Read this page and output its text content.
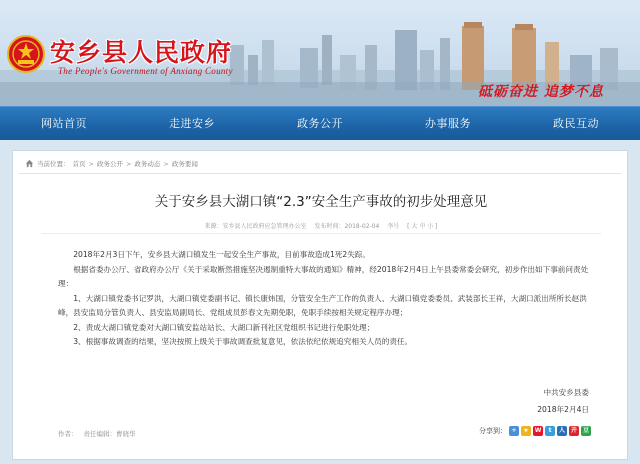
安乡县人民政府
The People's Government of Anxiang County
砥砺奋进 追梦不息
网站首页	走进安乡	政务公开	办事服务	政民互动
当前位置： 首页 > 政务公开 > 政务动态 > 政务要闻
关于安乡县大湖口镇“2.3”安全生产事故的初步处理意见
来源：安乡县人民政府应急管理办公室 发布时间：2018-02-04 李号 [ 大 中 小 ]

2018年2月3日下午，安乡县大湖口镇发生一起安全生产事故，目前事故造成1死2失踪。

根据省委办公厅、省政府办公厅《关于采取断然措施坚决遏制重特大事故的通知》精神，经2018年2月4日上午县委常委会研究，初步作出如下事前问责处理：

1、大湖口镇党委书记罗洪，大湖口镇党委副书记、镇长康炜国，分管安全生产工作的负责人、大湖口镇党委委员、武装部长王祥，大湖口派出所所长赵洪峰，县安监局分管负责人、县安监局副局长、党组成员彭春文先期免职，免职手续按相关规定程序办理；

2、责成大湖口镇党委对大湖口镇安监站站长、大湖口新刊社区党组织书记进行免职处理；

3、根据事故调查的结果，坚决按照上级关于事故调查批复意见，依法依纪依规追究相关人员的责任。

中共安乡县委
2018年2月4日
作者： 责任编辑：曹晓华	分享到： +	★	W	t	人 开 豆
